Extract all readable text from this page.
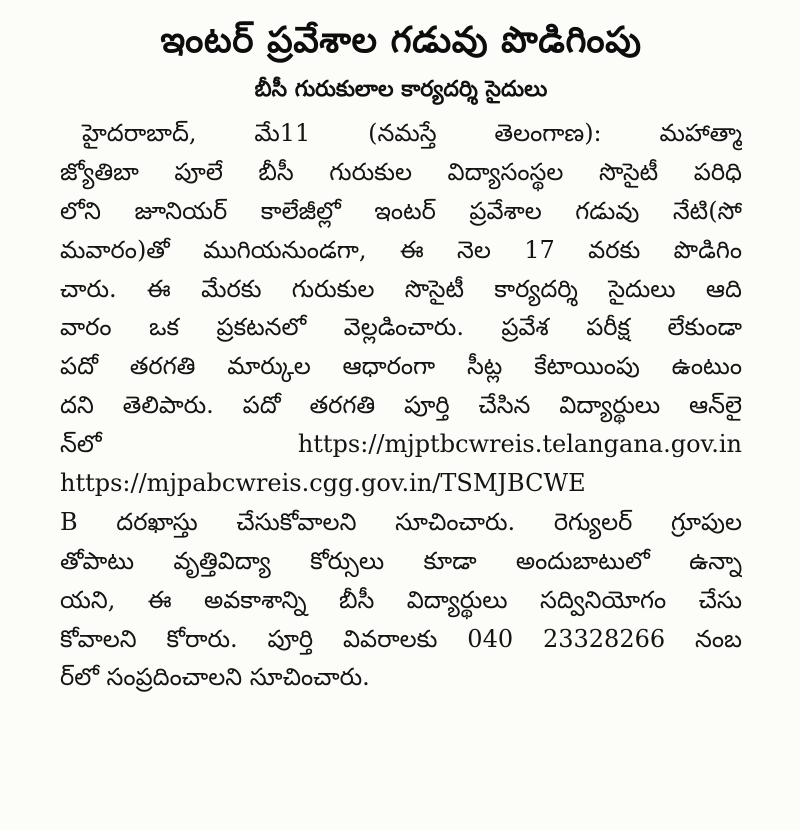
ఇంటర్ ప్రవేశాల గడువు పొడిగింపు
బీసీ గురుకులాల కార్యదర్శి సైదులు
హైదరాబాద్, మే11 (నమస్తే తెలంగాణ): మహాత్మా
జ్యోతిబా పూలే బీసీ గురుకుల విద్యాసంస్థల సొసైటీ పరిధి
లోని జూనియర్ కాలేజీల్లో ఇంటర్ ప్రవేశాల గడువు నేటి(సో
మవారం)తో ముగియనుండగా, ఈ నెల 17 వరకు పొడిగిం
చారు. ఈ మేరకు గురుకుల సొసైటీ కార్యదర్శి సైదులు ఆది
వారం ఒక ప్రకటనలో వెల్లడించారు. ప్రవేశ పరీక్ష లేకుండా
పదో తరగతి మార్కుల ఆధారంగా సీట్ల కేటాయింపు ఉంటుం
దని తెలిపారు. పదో తరగతి పూర్తి చేసిన విద్యార్థులు ఆన్‌లై
న్‌లో https://mjptbcwreis.telangana.gov.in
https://mjpabcwreis.cgg.gov.in/TSMJBCWE
B దరఖాస్తు చేసుకోవాలని సూచించారు. రెగ్యులర్ గ్రూపుల
తోపాటు వృత్తివిద్యా కోర్సులు కూడా అందుబాటులో ఉన్నా
యని, ఈ అవకాశాన్ని బీసీ విద్యార్థులు సద్వినియోగం చేసు
కోవాలని కోరారు. పూర్తి వివరాలకు 040 23328266 నంబ
ర్‌లో సంప్రదించాలని సూచించారు.
